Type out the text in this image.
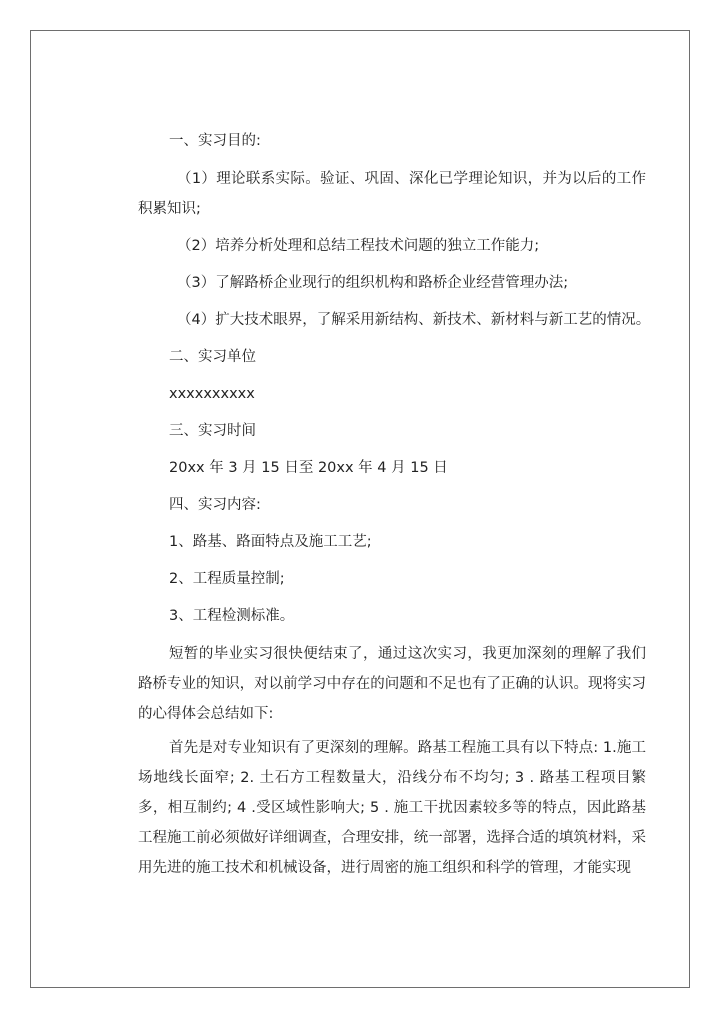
一、实习目的:
（1）理论联系实际。验证、巩固、深化已学理论知识，并为以后的工作积累知识;
（2）培养分析处理和总结工程技术问题的独立工作能力;
（3）了解路桥企业现行的组织机构和路桥企业经营管理办法;
（4）扩大技术眼界，了解采用新结构、新技术、新材料与新工艺的情况。
二、实习单位
xxxxxxxxxx
三、实习时间
20xx 年 3 月 15 日至 20xx 年 4 月 15 日
四、实习内容:
1、路基、路面特点及施工工艺;
2、工程质量控制;
3、工程检测标准。
短暂的毕业实习很快便结束了，通过这次实习，我更加深刻的理解了我们路桥专业的知识，对以前学习中存在的问题和不足也有了正确的认识。现将实习的心得体会总结如下:
首先是对专业知识有了更深刻的理解。路基工程施工具有以下特点: 1.施工场地线长面窄; 2. 土石方工程数量大，沿线分布不均匀; 3 . 路基工程项目繁多，相互制约; 4 .受区域性影响大; 5 . 施工干扰因素较多等的特点，因此路基工程施工前必须做好详细调查，合理安排，统一部署，选择合适的填筑材料，采用先进的施工技术和机械设备，进行周密的施工组织和科学的管理，才能实现
